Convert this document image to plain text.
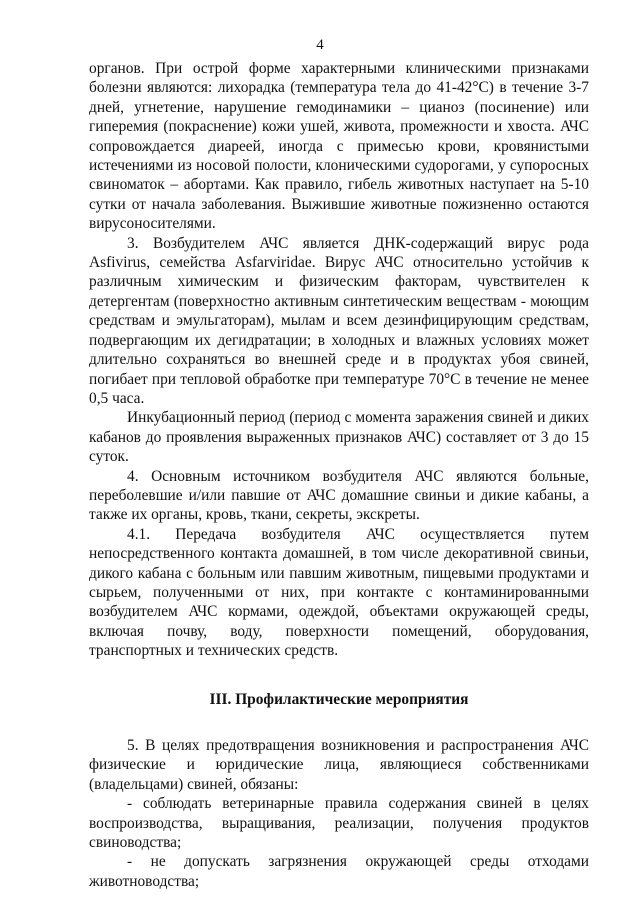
4

органов. При острой форме характерными клиническими признаками болезни являются: лихорадка (температура тела до 41-42°С) в течение 3-7 дней, угнетение, нарушение гемодинамики – цианоз (посинение) или гиперемия (покраснение) кожи ушей, живота, промежности и хвоста. АЧС сопровождается диареей, иногда с примесью крови, кровянистыми истечениями из носовой полости, клоническими судорогами, у супоросных свиноматок – абортами. Как правило, гибель животных наступает на 5-10 сутки от начала заболевания. Выжившие животные пожизненно остаются вирусоносителями.

3. Возбудителем АЧС является ДНК-содержащий вирус рода Asfivirus, семейства Asfarviridae. Вирус АЧС относительно устойчив к различным химическим и физическим факторам, чувствителен к детергентам (поверхностно активным синтетическим веществам - моющим средствам и эмульгаторам), мылам и всем дезинфицирующим средствам, подвергающим их дегидратации; в холодных и влажных условиях может длительно сохраняться во внешней среде и в продуктах убоя свиней, погибает при тепловой обработке при температуре 70°С в течение не менее 0,5 часа.

Инкубационный период (период с момента заражения свиней и диких кабанов до проявления выраженных признаков АЧС) составляет от 3 до 15 суток.

4. Основным источником возбудителя АЧС являются больные, переболевшие и/или павшие от АЧС домашние свиньи и дикие кабаны, а также их органы, кровь, ткани, секреты, экскреты.

4.1. Передача возбудителя АЧС осуществляется путем непосредственного контакта домашней, в том числе декоративной свиньи, дикого кабана с больным или павшим животным, пищевыми продуктами и сырьем, полученными от них, при контакте с контаминированными возбудителем АЧС кормами, одеждой, объектами окружающей среды, включая почву, воду, поверхности помещений, оборудования, транспортных и технических средств.

III. Профилактические мероприятия

5. В целях предотвращения возникновения и распространения АЧС физические и юридические лица, являющиеся собственниками (владельцами) свиней, обязаны:

- соблюдать ветеринарные правила содержания свиней в целях воспроизводства, выращивания, реализации, получения продуктов свиноводства;

- не допускать загрязнения окружающей среды отходами животноводства;
